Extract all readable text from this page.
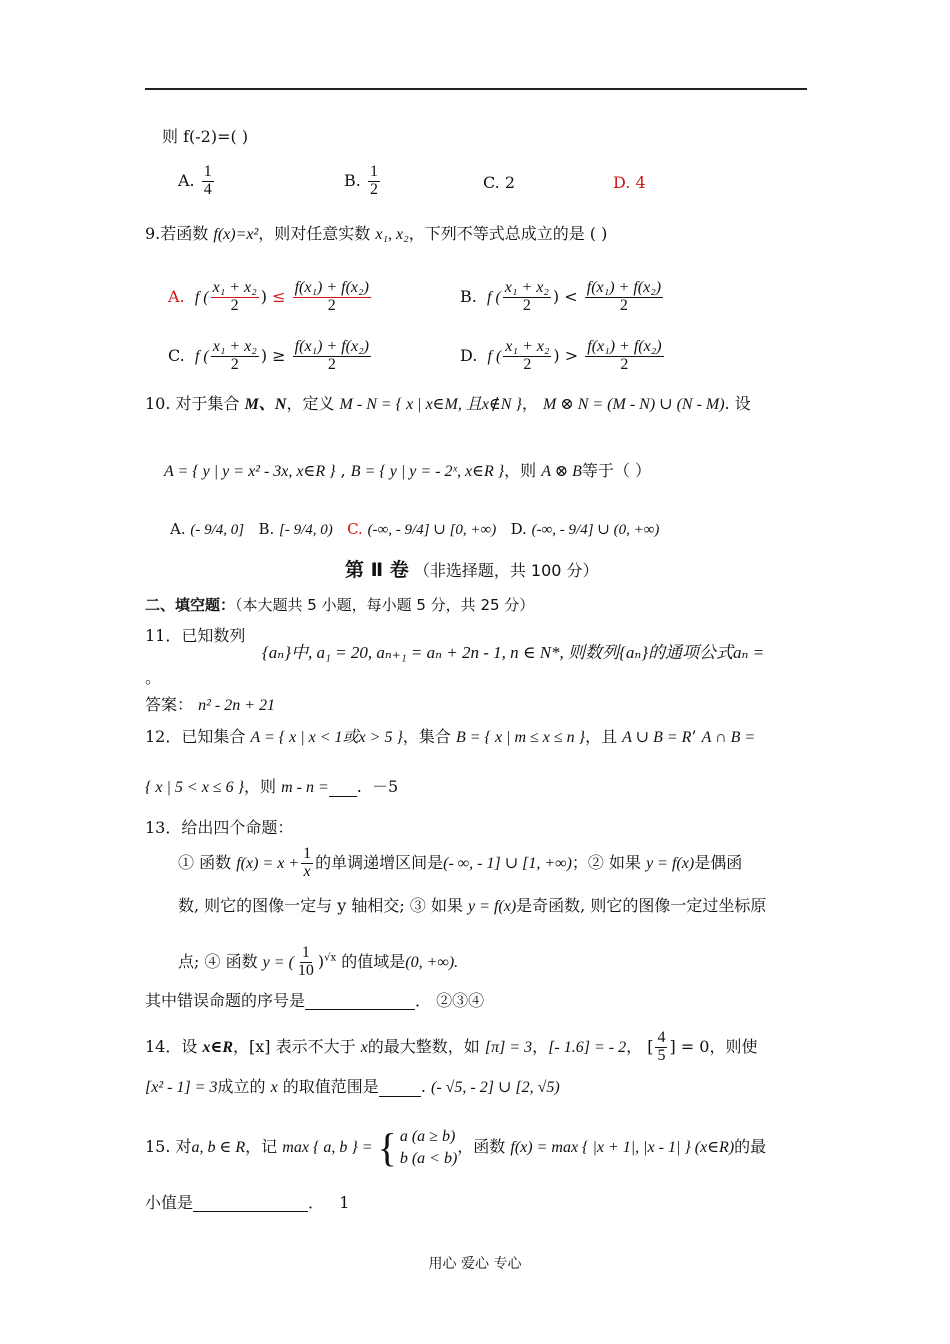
则 f(-2)=( )
A. $\frac{1}{4}$	B. $\frac{1}{2}$	C. 2	D. 4
9.若函数 f(x)=x²，则对任意实数 x₁, x₂，下列不等式总成立的是 ( )
A. f ( $\frac{\text{x₁ + x₂}}{2}$ ) ≤ $\frac{\text{f(x₁) + f(x₂)}}{2}$	B. f ( $\frac{\text{x₁ + x₂}}{2}$ ) < $\frac{\text{f(x₁) + f(x₂)}}{2}$
C. f ( $\frac{\text{x₁ + x₂}}{2}$ ) ≥ $\frac{\text{f(x₁) + f(x₂)}}{2}$	D. f ( $\frac{\text{x₁ + x₂}}{2}$ ) > $\frac{\text{f(x₁) + f(x₂)}}{2}$
10. 对于集合 M、N，定义 M - N = { x | x∈M, 且x∉N }， M ⊗ N = (M - N) ∪ (N - M). 设
A = { y | y = x² - 3x, x∈R } , B = { y | y = - 2ˣ, x∈R }，则 A ⊗ B等于（ ）
A. (- 9/4, 0] B. [- 9/4, 0) C. (-∞, - 9/4] ∪ [0, +∞) D. (-∞, - 9/4] ∪ (0, +∞)
第 Ⅱ 卷 （非选择题，共 100 分）
二、填空题：（本大题共 5 小题，每小题 5 分，共 25 分）
11．已知数列
{aₙ}中, a₁ = 20, aₙ₊₁ = aₙ + 2n - 1, n ∈ N*, 则数列{aₙ}的通项公式aₙ =
。
答案： n² - 2n + 21
12．已知集合 A = { x | x < 1或x > 5 }，集合 B = { x | m ≤ x ≤ n }，且 A ∪ B = R’ A ∩ B =
{ x | 5 < x ≤ 6 }，则 m - n = .  －5
13．给出四个命题：
① 函数 $f(x) = x + \frac{1}{x}$ 的单调递增区间是(- ∞, - 1] ∪ [1, +∞)；② 如果 y = f(x)是偶函
数, 则它的图像一定与 y 轴相交; ③ 如果 y = f(x)是奇函数, 则它的图像一定过坐标原
点; ④ 函数 y = ( $\frac{1}{10} )^{√x}$ 的值域是(0, +∞).
其中错误命题的序号是	． ②③④
14．设 x∈R，[x] 表示不大于 x的最大整数，如 [π] = 3，[- 1.6] = - 2， [ $\frac{4}{5}$ ] = 0，则使
[x² - 1] = 3成立的 x 的取值范围是	. (- √5, - 2] ∪ [2, √5)
15. 对a, b ∈ R，记 max { a, b } = { a (a ≥ b)
b (a < b)
，函数 f(x) = max { |x + 1|, |x - 1| } (x∈R)的最
小值是	． 1
用心 爱心 专心
